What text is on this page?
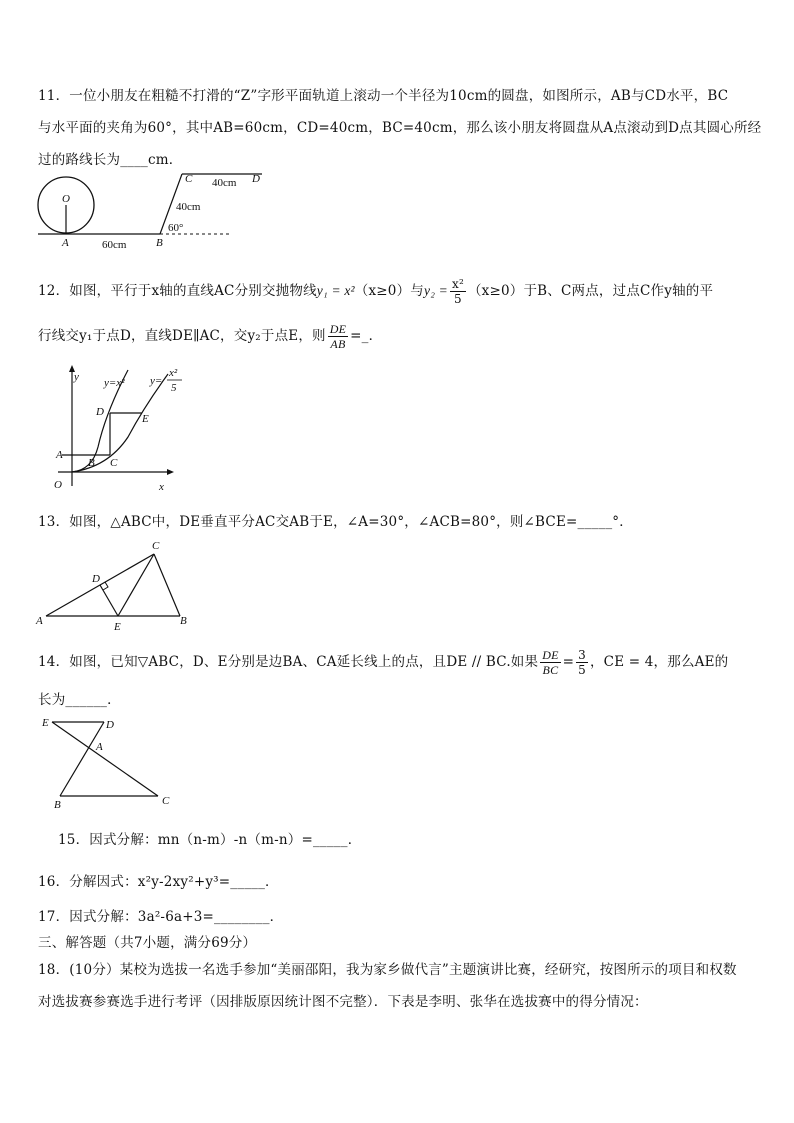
11．一位小朋友在粗糙不打滑的“Z”字形平面轨道上滚动一个半径为10cm的圆盘，如图所示，AB与CD水平，BC
与水平面的夹角为60°，其中AB=60cm，CD=40cm，BC=40cm，那么该小朋友将圆盘从A点滚动到D点其圆心所经
过的路线长为____cm．
O
A	B
C	D
60cm
40cm
40cm
60°
12．如图，平行于x轴的直线AC分别交抛物线y₁ = x²（x≥0）与$y_2 = \frac{\text{x²}}{5} (x\ge 0)$于B、C两点，过点C作y轴的平
行线交y₁于点D，直线DE∥AC，交y₂于点E，则 $\frac{DE}{AB}$ =_．
y
x
O
A
B C
D
E
y=x² y=
x²
5
13．如图，△ABC中，DE垂直平分AC交AB于E，∠A=30°，∠ACB=80°，则∠BCE=_____°．
A	B
C
D
E
14．如图，已知▽ABC，D、E分别是边BA、CA延长线上的点，且DE // BC.如果 $\frac{DE}{BC} = \frac{3}{5}$ ，CE = 4，那么AE的
长为______．
E	D
A
B	C
15．因式分解：mn（n-m）-n（m-n）=_____．
16．分解因式：x²y-2xy²+y³=_____．
17．因式分解：3a²-6a+3=________．
三、解答题（共7小题，满分69分）
18．(10分）某校为选拔一名选手参加“美丽邵阳，我为家乡做代言”主题演讲比赛，经研究，按图所示的项目和权数
对选拔赛参赛选手进行考评（因排版原因统计图不完整）．下表是李明、张华在选拔赛中的得分情况：
